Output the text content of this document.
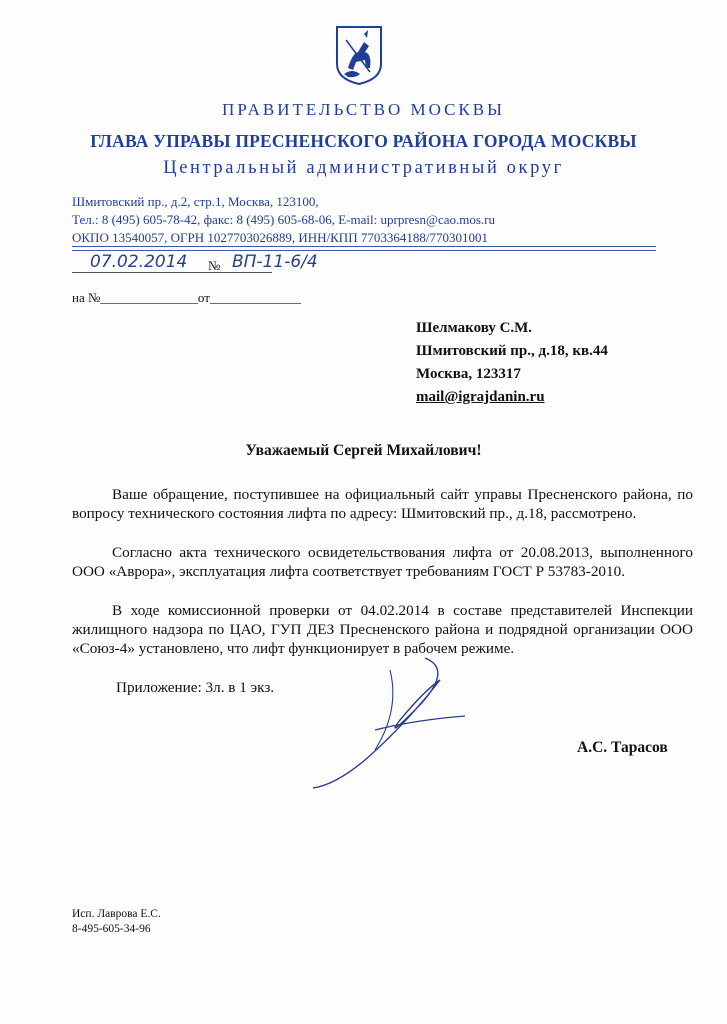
ПРАВИТЕЛЬСТВО МОСКВЫ
ГЛАВА УПРАВЫ ПРЕСНЕНСКОГО РАЙОНА ГОРОДА МОСКВЫ
Центральный административный округ
Шмитовский пр., д.2, стр.1, Москва, 123100,
Тел.: 8 (495) 605-78-42, факс: 8 (495) 605-68-06, E-mail: uprpresn@cao.mos.ru
ОКПО 13540057, ОГРН 1027703026889, ИНН/КПП 7703364188/770301001
07.02.2014 № ВП-11-6/4
на №_______________от______________
Шелмакову С.М.
Шмитовский пр., д.18, кв.44
Москва, 123317
mail@igrajdanin.ru
Уважаемый Сергей Михайлович!
Ваше обращение, поступившее на официальный сайт управы Пресненского района, по вопросу технического состояния лифта по адресу: Шмитовский пр., д.18, рассмотрено.
Согласно акта технического освидетельствования лифта от 20.08.2013, выполненного ООО «Аврора», эксплуатация лифта соответствует требованиям ГОСТ Р 53783-2010.
В ходе комиссионной проверки от 04.02.2014 в составе представителей Инспекции жилищного надзора по ЦАО, ГУП ДЕЗ Пресненского района и подрядной организации ООО «Союз-4» установлено, что лифт функционирует в рабочем режиме.
Приложение: 3л. в 1 экз.
А.С. Тарасов
Исп. Лаврова Е.С.
8-495-605-34-96
